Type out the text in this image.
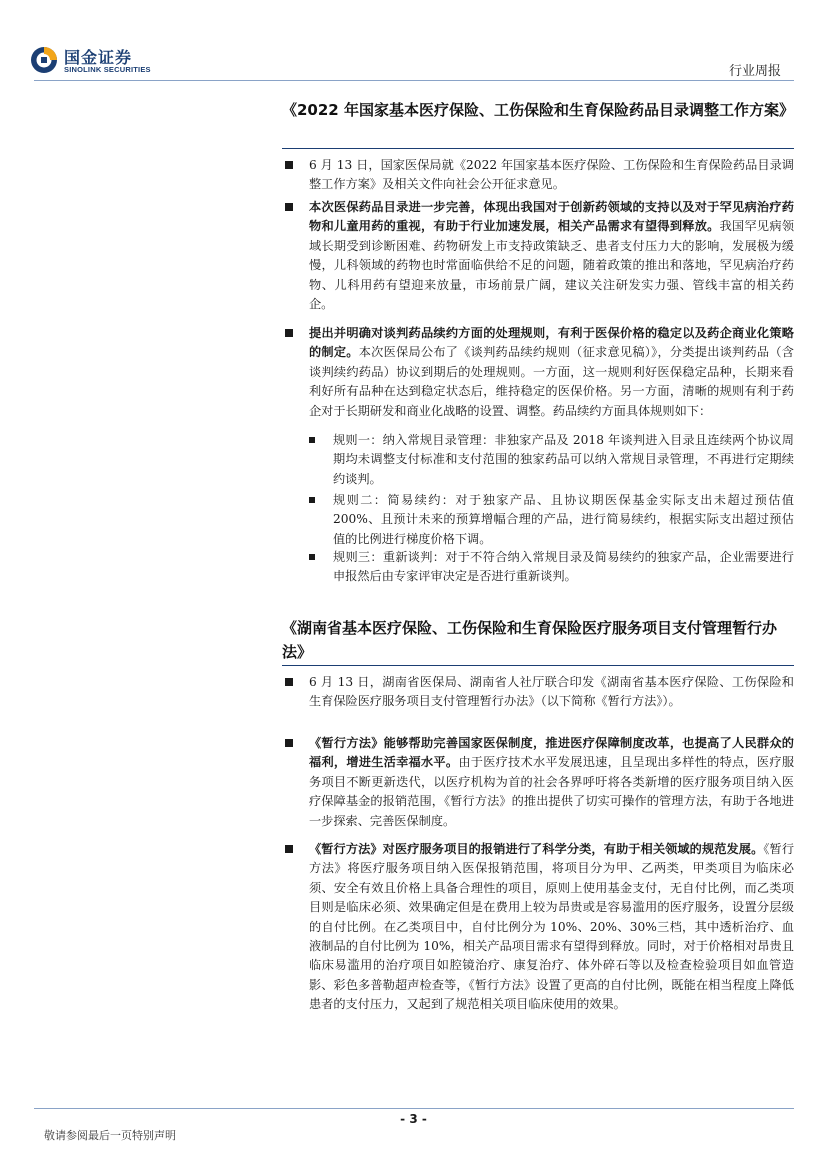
国金证券
SINOLINK SECURITIES	行业周报
《2022 年国家基本医疗保险、工伤保险和生育保险药品目录调整工作方案》
6 月 13 日，国家医保局就《2022 年国家基本医疗保险、工伤保险和生育保险药品目录调整工作方案》及相关文件向社会公开征求意见。
本次医保药品目录进一步完善，体现出我国对于创新药领域的支持以及对于罕见病治疗药物和儿童用药的重视，有助于行业加速发展，相关产品需求有望得到释放。我国罕见病领域长期受到诊断困难、药物研发上市支持政策缺乏、患者支付压力大的影响，发展极为缓慢，儿科领域的药物也时常面临供给不足的问题，随着政策的推出和落地，罕见病治疗药物、儿科用药有望迎来放量，市场前景广阔，建议关注研发实力强、管线丰富的相关药企。
提出并明确对谈判药品续约方面的处理规则，有利于医保价格的稳定以及药企商业化策略的制定。本次医保局公布了《谈判药品续约规则（征求意见稿）》，分类提出谈判药品（含谈判续约药品）协议到期后的处理规则。一方面，这一规则利好医保稳定品种，长期来看利好所有品种在达到稳定状态后，维持稳定的医保价格。另一方面，清晰的规则有利于药企对于长期研发和商业化战略的设置、调整。药品续约方面具体规则如下：
规则一：纳入常规目录管理：非独家产品及 2018 年谈判进入目录且连续两个协议周期均未调整支付标准和支付范围的独家药品可以纳入常规目录管理，不再进行定期续约谈判。
规则二：简易续约：对于独家产品、且协议期医保基金实际支出未超过预估值 200%、且预计未来的预算增幅合理的产品，进行简易续约，根据实际支出超过预估值的比例进行梯度价格下调。
规则三：重新谈判：对于不符合纳入常规目录及简易续约的独家产品，企业需要进行申报然后由专家评审决定是否进行重新谈判。
《湖南省基本医疗保险、工伤保险和生育保险医疗服务项目支付管理暂行办法》
6 月 13 日，湖南省医保局、湖南省人社厅联合印发《湖南省基本医疗保险、工伤保险和生育保险医疗服务项目支付管理暂行办法》（以下简称《暂行方法》）。
《暂行方法》能够帮助完善国家医保制度，推进医疗保障制度改革，也提高了人民群众的福利，增进生活幸福水平。由于医疗技术水平发展迅速，且呈现出多样性的特点，医疗服务项目不断更新迭代，以医疗机构为首的社会各界呼吁将各类新增的医疗服务项目纳入医疗保障基金的报销范围，《暂行方法》的推出提供了切实可操作的管理方法，有助于各地进一步探索、完善医保制度。
《暂行方法》对医疗服务项目的报销进行了科学分类，有助于相关领域的规范发展。《暂行方法》将医疗服务项目纳入医保报销范围，将项目分为甲、乙两类，甲类项目为临床必须、安全有效且价格上具备合理性的项目，原则上使用基金支付，无自付比例，而乙类项目则是临床必须、效果确定但是在费用上较为昂贵或是容易滥用的医疗服务，设置分层级的自付比例。在乙类项目中，自付比例分为 10%、20%、30%三档，其中透析治疗、血液制品的自付比例为 10%，相关产品项目需求有望得到释放。同时，对于价格相对昂贵且临床易滥用的治疗项目如腔镜治疗、康复治疗、体外碎石等以及检查检验项目如血管造影、彩色多普勒超声检查等，《暂行方法》设置了更高的自付比例，既能在相当程度上降低患者的支付压力，又起到了规范相关项目临床使用的效果。
- 3 -
敬请参阅最后一页特别声明
